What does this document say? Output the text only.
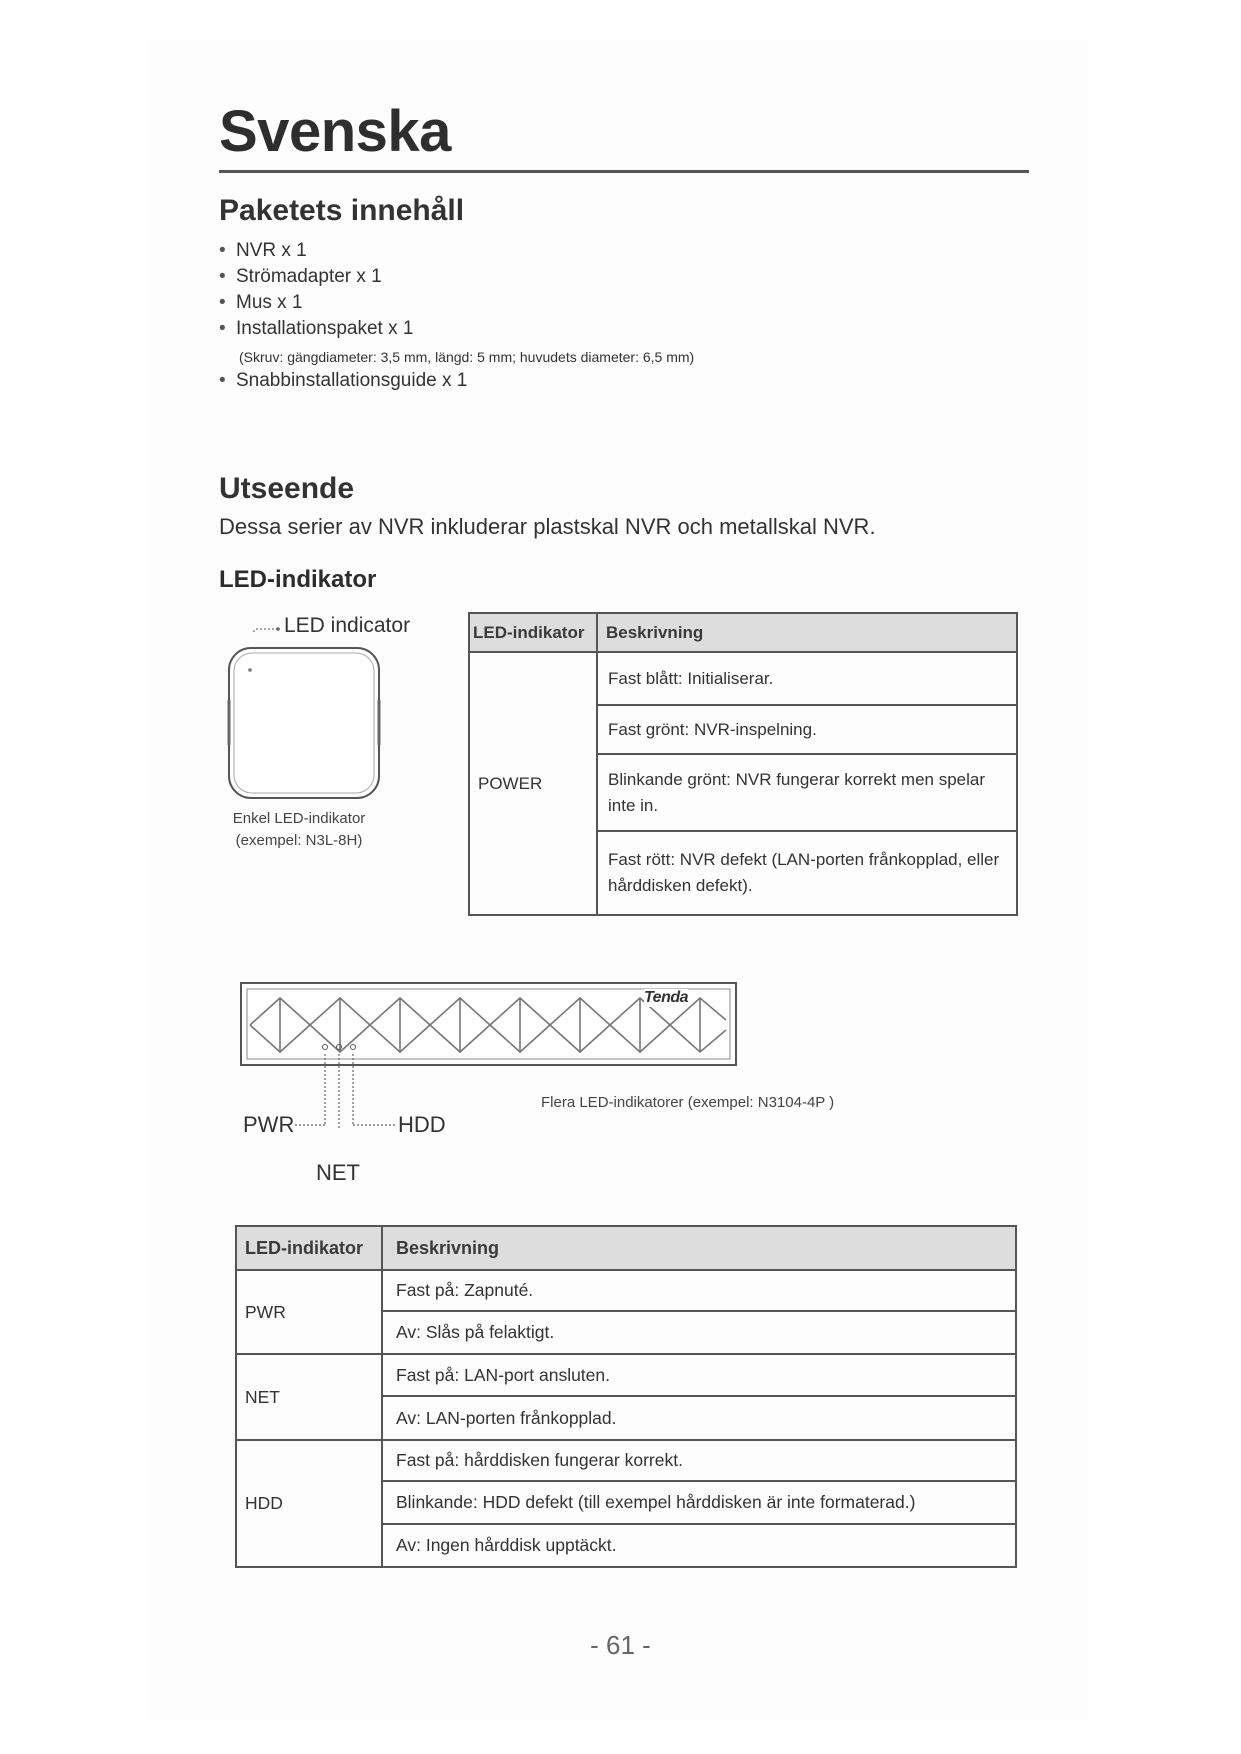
Svenska
Paketets innehåll
• NVR x 1
• Strömadapter x 1
• Mus x 1
• Installationspaket x 1
(Skruv: gängdiameter: 3,5 mm, längd: 5 mm; huvudets diameter: 6,5 mm)
• Snabbinstallationsguide x 1
Utseende

Dessa serier av NVR inkluderar plastskal NVR och metallskal NVR.

LED-indikator
LED indicator
Enkel LED-indikator
(exempel: N3L-8H)
LED-indikator	Beskrivning
POWER	Fast blått: Initialiserar.
	Fast grönt: NVR-inspelning.
	Blinkande grönt: NVR fungerar korrekt men spelar inte in.
	Fast rött: NVR defekt (LAN-porten frånkopplad, eller hårddisken defekt).
Tenda
PWR	HDD
NET
Flera LED-indikatorer (exempel: N3104-4P )
LED-indikator	Beskrivning
PWR	Fast på: Zapnuté.
	Av: Slås på felaktigt.
NET	Fast på: LAN-port ansluten.
	Av: LAN-porten frånkopplad.
HDD	Fast på: hårddisken fungerar korrekt.
	Blinkande: HDD defekt (till exempel hårddisken är inte formaterad.)
	Av: Ingen hårddisk upptäckt.
- 61 -
